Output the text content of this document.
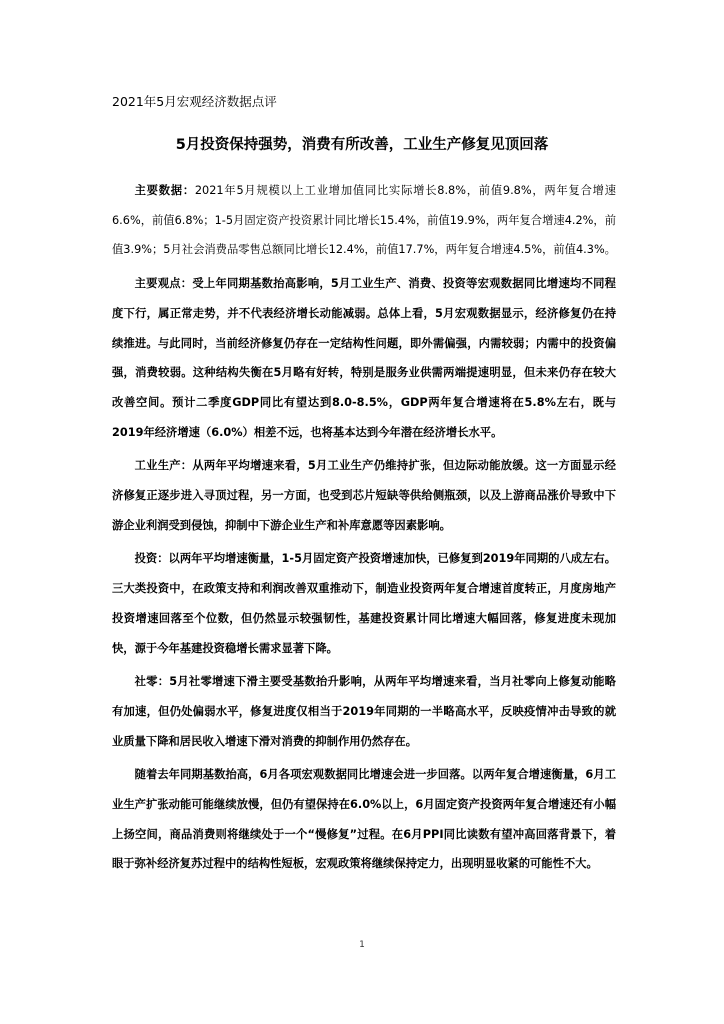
2021年5月宏观经济数据点评
5月投资保持强势，消费有所改善，工业生产修复见顶回落

主要数据：2021年5月规模以上工业增加值同比实际增长8.8%，前值9.8%，两年复合增速6.6%，前值6.8%；1-5月固定资产投资累计同比增长15.4%，前值19.9%，两年复合增速4.2%，前值3.9%；5月社会消费品零售总额同比增长12.4%，前值17.7%，两年复合增速4.5%，前值4.3%。

主要观点：受上年同期基数抬高影响，5月工业生产、消费、投资等宏观数据同比增速均不同程度下行，属正常走势，并不代表经济增长动能减弱。总体上看，5月宏观数据显示，经济修复仍在持续推进。与此同时，当前经济修复仍存在一定结构性问题，即外需偏强，内需较弱；内需中的投资偏强，消费较弱。这种结构失衡在5月略有好转，特别是服务业供需两端提速明显，但未来仍存在较大改善空间。预计二季度GDP同比有望达到8.0-8.5%，GDP两年复合增速将在5.8%左右，既与2019年经济增速（6.0%）相差不远，也将基本达到今年潜在经济增长水平。

工业生产：从两年平均增速来看，5月工业生产仍维持扩张，但边际动能放缓。这一方面显示经济修复正逐步进入寻顶过程，另一方面，也受到芯片短缺等供给侧瓶颈，以及上游商品涨价导致中下游企业利润受到侵蚀，抑制中下游企业生产和补库意愿等因素影响。

投资：以两年平均增速衡量，1-5月固定资产投资增速加快，已修复到2019年同期的八成左右。三大类投资中，在政策支持和利润改善双重推动下，制造业投资两年复合增速首度转正，月度房地产投资增速回落至个位数，但仍然显示较强韧性，基建投资累计同比增速大幅回落，修复进度未现加快，源于今年基建投资稳增长需求显著下降。

社零：5月社零增速下滑主要受基数抬升影响，从两年平均增速来看，当月社零向上修复动能略有加速，但仍处偏弱水平，修复进度仅相当于2019年同期的一半略高水平，反映疫情冲击导致的就业质量下降和居民收入增速下滑对消费的抑制作用仍然存在。

随着去年同期基数抬高，6月各项宏观数据同比增速会进一步回落。以两年复合增速衡量，6月工业生产扩张动能可能继续放慢，但仍有望保持在6.0%以上，6月固定资产投资两年复合增速还有小幅上扬空间，商品消费则将继续处于一个“慢修复”过程。在6月PPI同比读数有望冲高回落背景下，着眼于弥补经济复苏过程中的结构性短板，宏观政策将继续保持定力，出现明显收紧的可能性不大。

1
